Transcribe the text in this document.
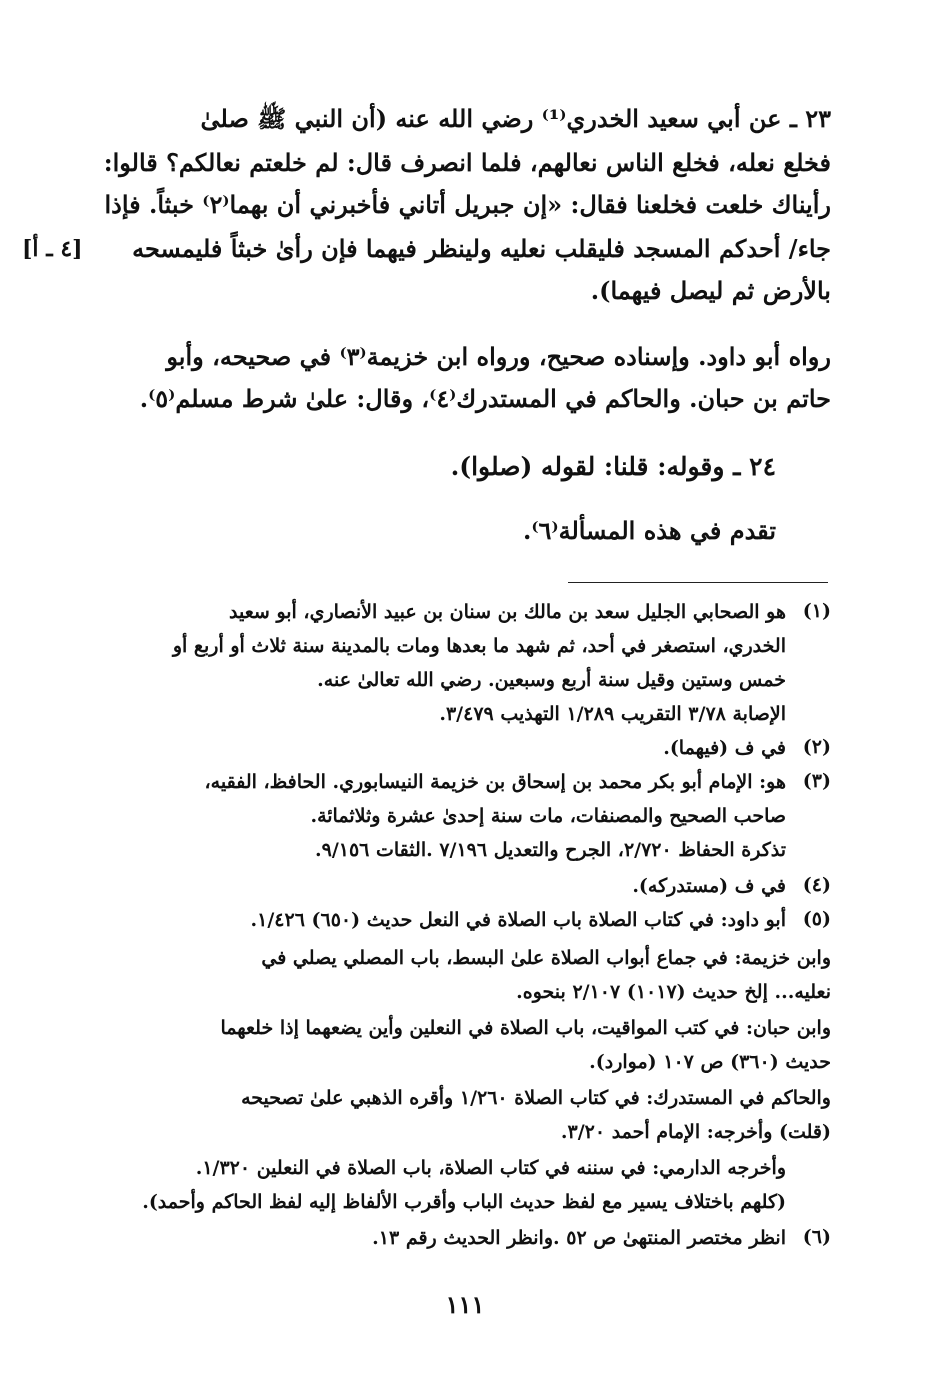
٢٣ ـ عن أبي سعيد الخدري⁽¹⁾ رضي الله عنه (أن النبي ﷺ صلىٰ
فخلع نعله، فخلع الناس نعالهم، فلما انصرف قال: لم خلعتم نعالكم؟ قالوا:
رأيناك خلعت فخلعنا فقال: «إن جبريل أتاني فأخبرني أن بهما⁽٢⁾ خبثاً. فإذا
جاء/ أحدكم المسجد فليقلب نعليه ولينظر فيهما فإن رأىٰ خبثاً فليمسحه
[٤ ـ أ]
بالأرض ثم ليصل فيهما).
رواه أبو داود. وإسناده صحيح، ورواه ابن خزيمة⁽٣⁾ في صحيحه، وأبو
حاتم بن حبان. والحاكم في المستدرك⁽٤⁾، وقال: علىٰ شرط مسلم⁽٥⁾.
٢٤ ـ وقوله: قلنا: لقوله (صلوا).
تقدم في هذه المسألة⁽٦⁾.
(١)
هو الصحابي الجليل سعد بن مالك بن سنان بن عبيد الأنصاري، أبو سعيد
الخدري، استصغر في أحد، ثم شهد ما بعدها ومات بالمدينة سنة ثلاث أو أربع أو
خمس وستين وقيل سنة أربع وسبعين. رضي الله تعالىٰ عنه.
الإصابة ٣/٧٨ التقريب ١/٢٨٩ التهذيب ٣/٤٧٩.
(٢)
في ف (فيهما).
(٣)
هو: الإمام أبو بكر محمد بن إسحاق بن خزيمة النيسابوري. الحافظ، الفقيه،
صاحب الصحيح والمصنفات، مات سنة إحدىٰ عشرة وثلاثمائة.
تذكرة الحفاظ ٢/٧٢٠، الجرح والتعديل ٧/١٩٦ .الثقات ٩/١٥٦.
(٤)
في ف (مستدركه).
(٥)
أبو داود: في كتاب الصلاة باب الصلاة في النعل حديث (٦٥٠) ١/٤٢٦.
وابن خزيمة: في جماع أبواب الصلاة علىٰ البسط، باب المصلي يصلي في
نعليه... إلخ حديث (١٠١٧) ٢/١٠٧ بنحوه.
وابن حبان: في كتب المواقيت، باب الصلاة في النعلين وأين يضعهما إذا خلعهما
حديث (٣٦٠) ص ١٠٧ (موارد).
والحاكم في المستدرك: في كتاب الصلاة ١/٢٦٠ وأقره الذهبي علىٰ تصحيحه
(قلت) وأخرجه: الإمام أحمد ٣/٢٠.
وأخرجه الدارمي: في سننه في كتاب الصلاة، باب الصلاة في النعلين ١/٣٢٠.
(كلهم باختلاف يسير مع لفظ حديث الباب وأقرب الألفاظ إليه لفظ الحاكم وأحمد).
(٦)
انظر مختصر المنتهىٰ ص ٥٢ .وانظر الحديث رقم ١٣.
١١١
